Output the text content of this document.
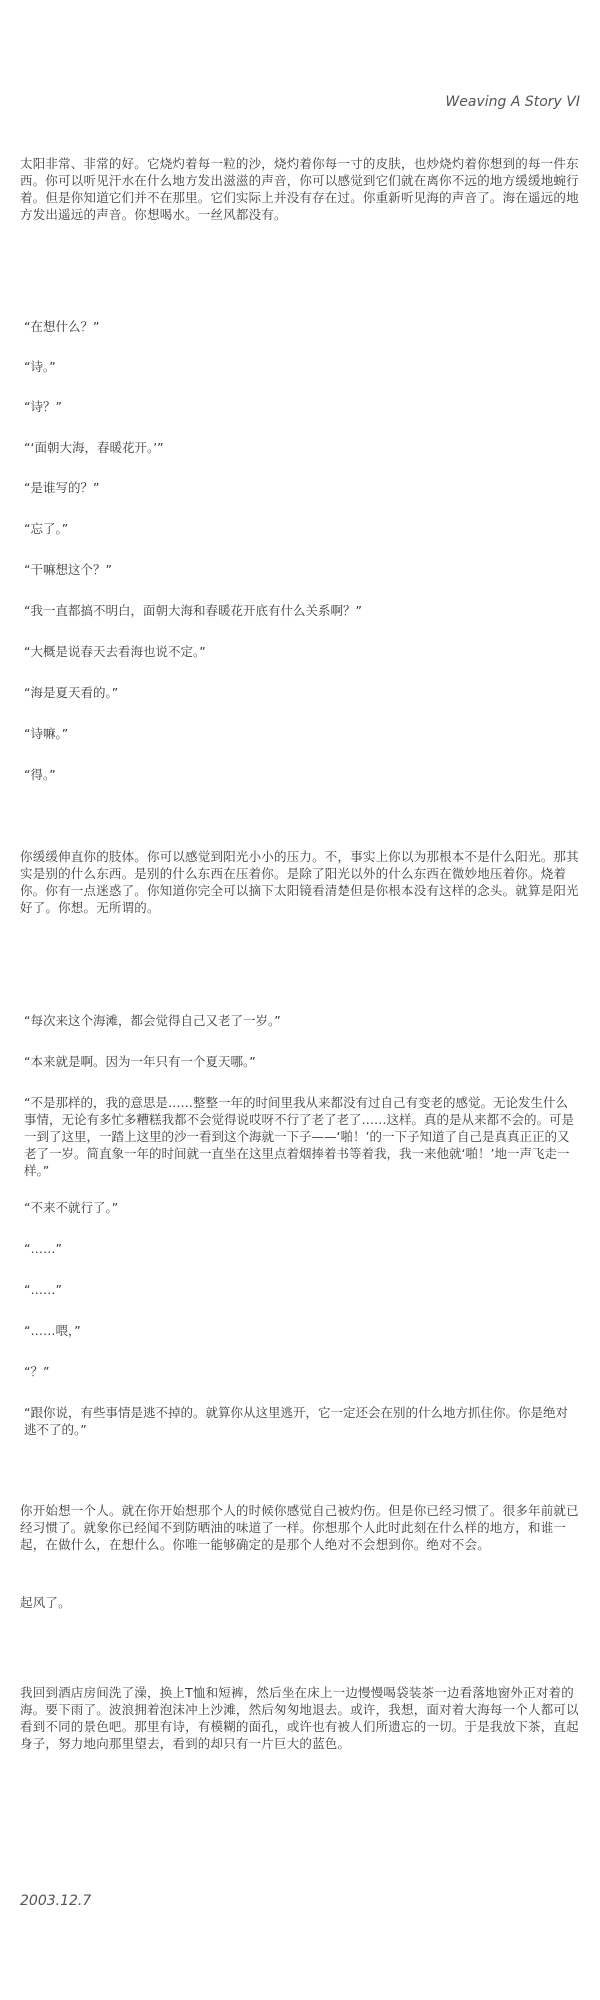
Weaving A Story VI

太阳非常、非常的好。它烧灼着每一粒的沙，烧灼着你每一寸的皮肤，也炒烧灼着你想到的每一件东西。你可以听见汗水在什么地方发出滋滋的声音，你可以感觉到它们就在离你不远的地方缓缓地蜿行着。但是你知道它们并不在那里。它们实际上并没有存在过。你重新听见海的声音了。海在遥远的地方发出遥远的声音。你想喝水。一丝风都没有。

“在想什么？”

“诗。”

“诗？”

“‘面朝大海，春暖花开。’”

“是谁写的？”

“忘了。”

“干嘛想这个？”

“我一直都搞不明白，面朝大海和春暖花开底有什么关系啊？”

“大概是说春天去看海也说不定。”

“海是夏天看的。”

“诗嘛。”

“得。”

你缓缓伸直你的肢体。你可以感觉到阳光小小的压力。不，事实上你以为那根本不是什么阳光。那其实是别的什么东西。是别的什么东西在压着你。是除了阳光以外的什么东西在微妙地压着你。烧着你。你有一点迷惑了。你知道你完全可以摘下太阳镜看清楚但是你根本没有这样的念头。就算是阳光好了。你想。无所谓的。

“每次来这个海滩，都会觉得自己又老了一岁。”

“本来就是啊。因为一年只有一个夏天哪。”

“不是那样的，我的意思是……整整一年的时间里我从来都没有过自己有变老的感觉。无论发生什么事情，无论有多忙多糟糕我都不会觉得说哎呀不行了老了老了……这样。真的是从来都不会的。可是一到了这里，一踏上这里的沙一看到这个海就一下子——‘啪！’的一下子知道了自己是真真正正的又老了一岁。简直象一年的时间就一直坐在这里点着烟捧着书等着我，我一来他就‘啪！’地一声飞走一样。”

“不来不就行了。”

“……”

“……”

“……喂，”

“？”

“跟你说，有些事情是逃不掉的。就算你从这里逃开，它一定还会在别的什么地方抓住你。你是绝对逃不了的。”

你开始想一个人。就在你开始想那个人的时候你感觉自己被灼伤。但是你已经习惯了。很多年前就已经习惯了。就象你已经闻不到防晒油的味道了一样。你想那个人此时此刻在什么样的地方，和谁一起，在做什么，在想什么。你唯一能够确定的是那个人绝对不会想到你。绝对不会。

起风了。

我回到酒店房间洗了澡，换上T恤和短裤，然后坐在床上一边慢慢喝袋装茶一边看落地窗外正对着的海。要下雨了。波浪拥着泡沫冲上沙滩，然后匆匆地退去。或许，我想，面对着大海每一个人都可以看到不同的景色吧。那里有诗，有模糊的面孔，或许也有被人们所遗忘的一切。于是我放下茶，直起身子，努力地向那里望去，看到的却只有一片巨大的蓝色。

2003.12.7
